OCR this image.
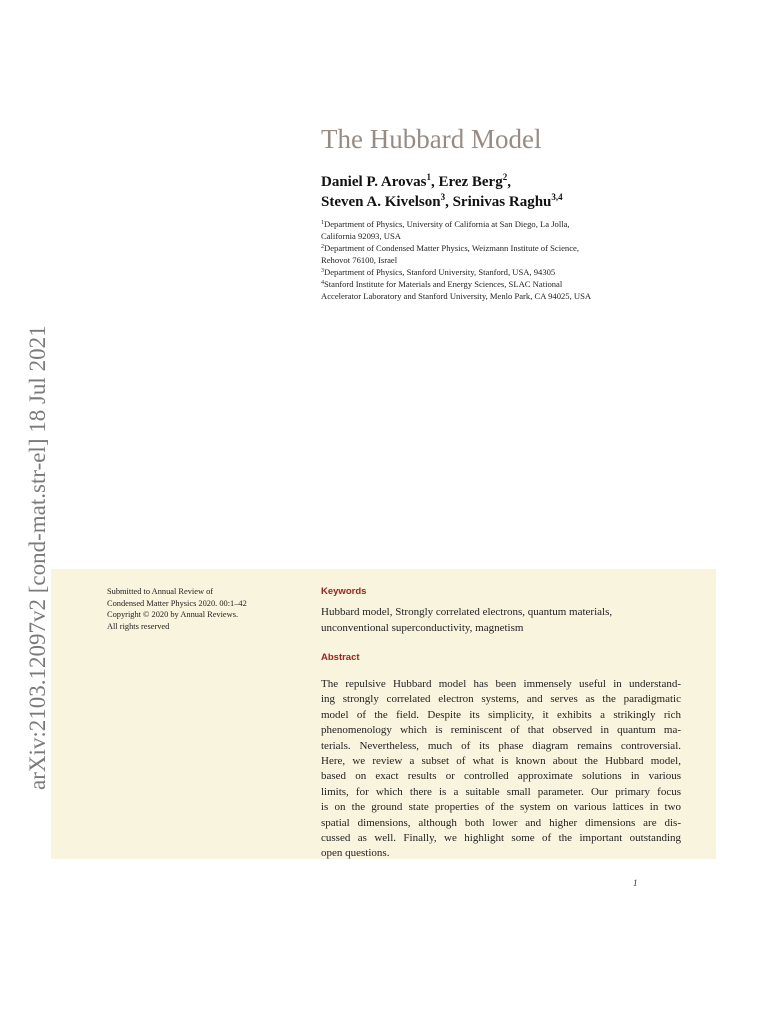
arXiv:2103.12097v2 [cond-mat.str-el] 18 Jul 2021
The Hubbard Model
Daniel P. Arovas$^1$, Erez Berg$^2$,
Steven A. Kivelson$^3$, Srinivas Raghu$^{3,4}$
$^1$Department of Physics, University of California at San Diego, La Jolla,
California 92093, USA
$^2$Department of Condensed Matter Physics, Weizmann Institute of Science,
Rehovot 76100, Israel
$^3$Department of Physics, Stanford University, Stanford, USA, 94305
$^4$Stanford Institute for Materials and Energy Sciences, SLAC National
Accelerator Laboratory and Stanford University, Menlo Park, CA 94025, USA
Submitted to Annual Review of
Condensed Matter Physics 2020. 00:1–42
Copyright © 2020 by Annual Reviews.
All rights reserved
Keywords
Hubbard model, Strongly correlated electrons, quantum materials,
unconventional superconductivity, magnetism
Abstract
The repulsive Hubbard model has been immensely useful in understand-
ing strongly correlated electron systems, and serves as the paradigmatic
model of the field. Despite its simplicity, it exhibits a strikingly rich
phenomenology which is reminiscent of that observed in quantum ma-
terials. Nevertheless, much of its phase diagram remains controversial.
Here, we review a subset of what is known about the Hubbard model,
based on exact results or controlled approximate solutions in various
limits, for which there is a suitable small parameter. Our primary focus
is on the ground state properties of the system on various lattices in two
spatial dimensions, although both lower and higher dimensions are dis-
cussed as well. Finally, we highlight some of the important outstanding
open questions.
1
